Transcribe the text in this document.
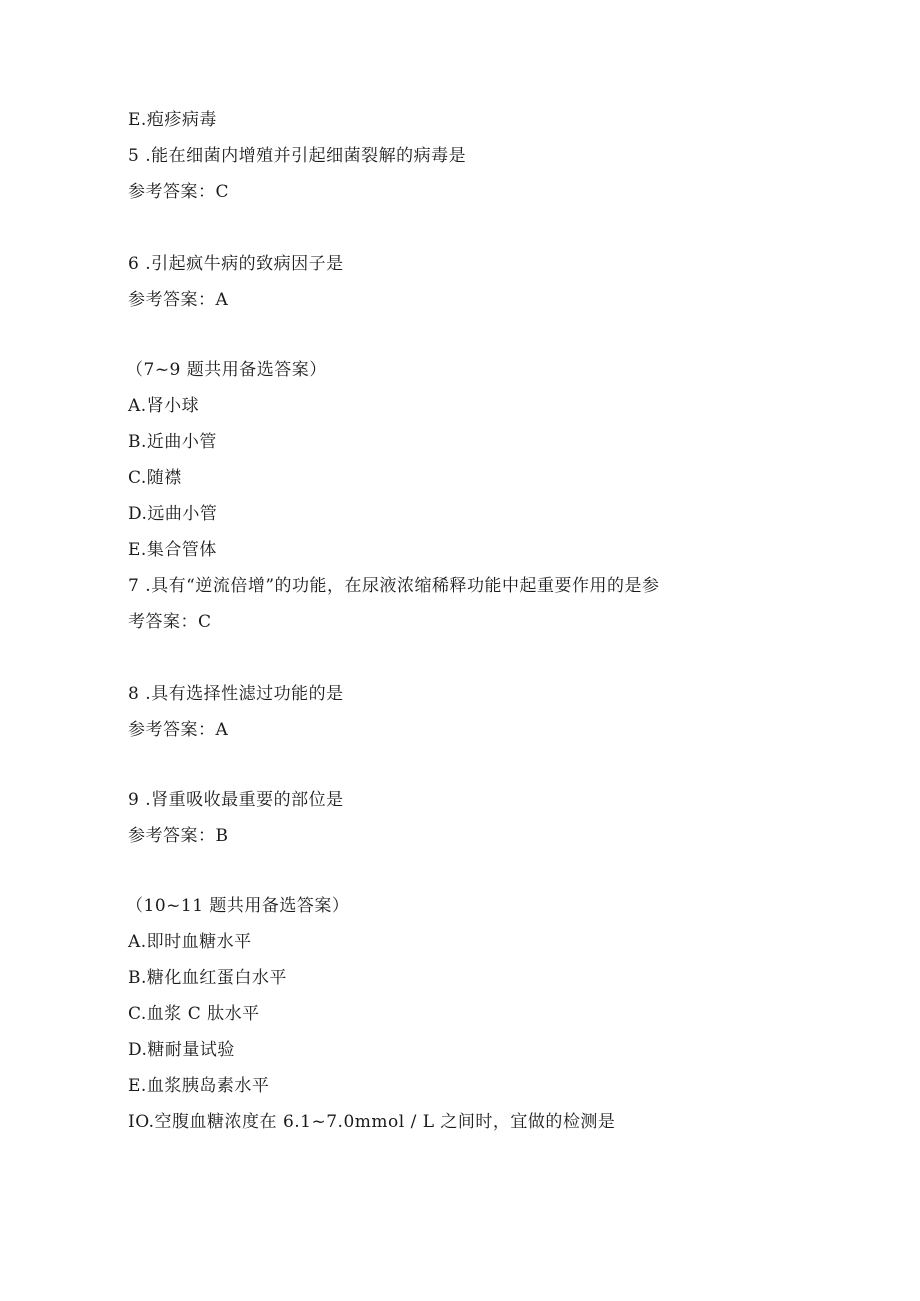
E.疱疹病毒
5 .能在细菌内增殖并引起细菌裂解的病毒是
参考答案：C
6 .引起疯牛病的致病因子是
参考答案：A
（7~9 题共用备选答案）
A.肾小球
B.近曲小管
C.随襟
D.远曲小管
E.集合管体
7 .具有“逆流倍增”的功能，在尿液浓缩稀释功能中起重要作用的是参
考答案：C
8 .具有选择性滤过功能的是
参考答案：A
9 .肾重吸收最重要的部位是
参考答案：B
（10~11 题共用备选答案）
A.即时血糖水平
B.糖化血红蛋白水平
C.血浆 C 肽水平
D.糖耐量试验
E.血浆胰岛素水平
IO.空腹血糖浓度在 6.1~7.0mmol / L 之间时，宜做的检测是
